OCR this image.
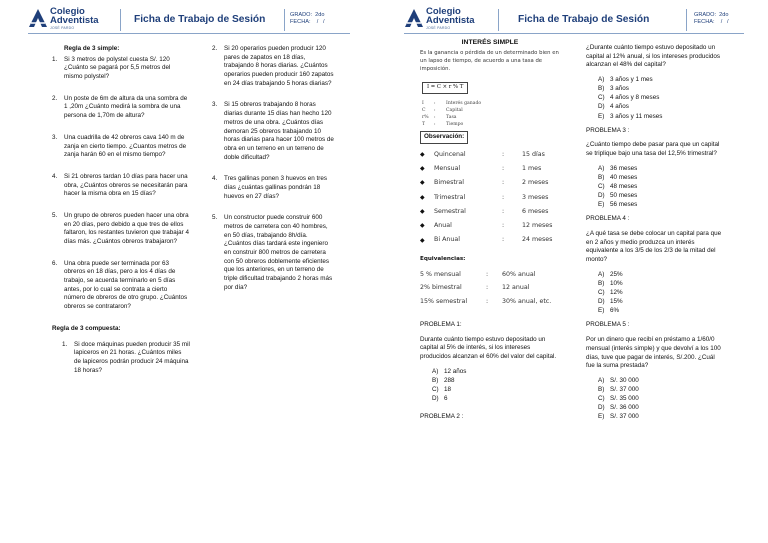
Colegio
Adventista
JOSÉ PARDO
Ficha de Trabajo de Sesión	GRADO:  2do
FECHA:    /   /
Regla de 3 simple:
1.	Si 3 metros de polystel cuesta S/. 120 ¿Cuánto se pagará por 5,5 metros del mismo polystel?
2.	Un poste de 6m de altura da una sombra de 1 ,20m ¿Cuánto medirá la sombra de una persona de 1,70m de altura?
3.	Una cuadrilla de 42 obreros cava 140 m de zanja en cierto tiempo. ¿Cuantos metros de zanja harán 60 en el mismo tiempo?
4.	Si 21 obreros tardan 10 días para hacer una obra, ¿Cuántos obreros se necesitarán para hacer la misma obra en 15 días?
5.	Un grupo de obreros pueden hacer una obra en 20 días, pero debido a que tres de ellos faltaron, los restantes tuvieron que trabajar 4 días más. ¿Cuántos obreros trabajaron?
6.	Una obra puede ser terminada por 63 obreros en 18 días, pero a los 4 días de trabajo, se acuerda terminarlo en 5 días antes, por lo cual se contrata a cierto número de obreros de otro grupo. ¿Cuántos obreros se contrataron?
Regla de 3 compuesta:
1.	Si doce máquinas pueden producir 35 mil lapiceros en 21 horas. ¿Cuántos miles de lapiceros podrán producir 24 máquina 18 horas?
2.	Si 20 operarios pueden producir 120 pares de zapatos en 18 días, trabajando 8 horas diarias. ¿Cuántos operarios pueden producir 160 zapatos en 24 días trabajando 5 horas diarias?
3.	Si 15 obreros trabajando 8 horas diarias durante 15 días han hecho 120 metros de una obra. ¿Cuántos días demoran 25 obreros trabajando 10 horas diarias para hacer 100 metros de obra en un terreno en un terreno de doble dificultad?
4.	Tres gallinas ponen 3 huevos en tres días ¿cuántas gallinas pondrán 18 huevos en 27 días?
5.	Un constructor puede construir 600 metros de carretera con 40 hombres, en 50 días, trabajando 8h/día. ¿Cuántos días tardará este ingeniero en construir 800 metros de carretera con 50 obreros doblemente eficientes que los anteriores, en un terreno de triple dificultad trabajando 2 horas más por día?
Colegio
Adventista
JOSÉ PARDO
Ficha de Trabajo de Sesión	GRADO:  2do
FECHA:    /   /
INTERÉS SIMPLE
Es la ganancia o pérdida de un determinado bien en un lapso de tiempo, de acuerdo a una tasa de imposición.
I = C × r % T
I	:	Interés ganado
C	:	Capital
r%	:	Tasa
T	:	Tiempo
Observación:
◆	Quincenal	:	15 días
◆	Mensual	:	1 mes
◆	Bimestral	:	2 meses
◆	Trimestral	:	3 meses
◆	Semestral	:	6 meses
◆	Anual	:	12 meses
◆	Bi Anual	:	24 meses
Equivalencias:
5 % mensual	:	60% anual
2% bimestral	:	12 anual
15% semestral	:	30% anual, etc.
PROBLEMA 1:
Durante cuánto tiempo estuvo depositado un capital al 5% de interés, si los intereses producidos alcanzan el 60% del valor del capital.
A) 12 años
B) 288
C) 18
D) 6
PROBLEMA 2 :
¿Durante cuánto tiempo estuvo depositado un capital al 12% anual, si los intereses producidos alcanzan el 48% del capital?
A) 3 años y 1 mes
B) 3 años
C) 4 años y 8 meses
D) 4 años
E) 3 años y 11 meses
PROBLEMA 3 :
¿Cuánto tiempo debe pasar para que un capital se triplique bajo una tasa del 12,5% trimestral?
A) 36 meses
B) 40 meses
C) 48 meses
D) 50 meses
E) 56 meses
PROBLEMA 4 :
¿A qué tasa se debe colocar un capital para que en 2 años y medio produzca un interés equivalente a los 3/5 de los 2/3 de la mitad del monto?
A) 25%
B) 10%
C) 12%
D) 15%
E) 6%
PROBLEMA 5 :
Por un dinero que recibí en préstamo a 1/60/0 mensual (interés simple) y que devolví a los 100 días, tuve que pagar de interés, S/.200. ¿Cuál fue la suma prestada?
A) S/. 30 000
B) S/. 37 000
C) S/. 35 000
D) S/. 36 000
E) S/. 37 000
